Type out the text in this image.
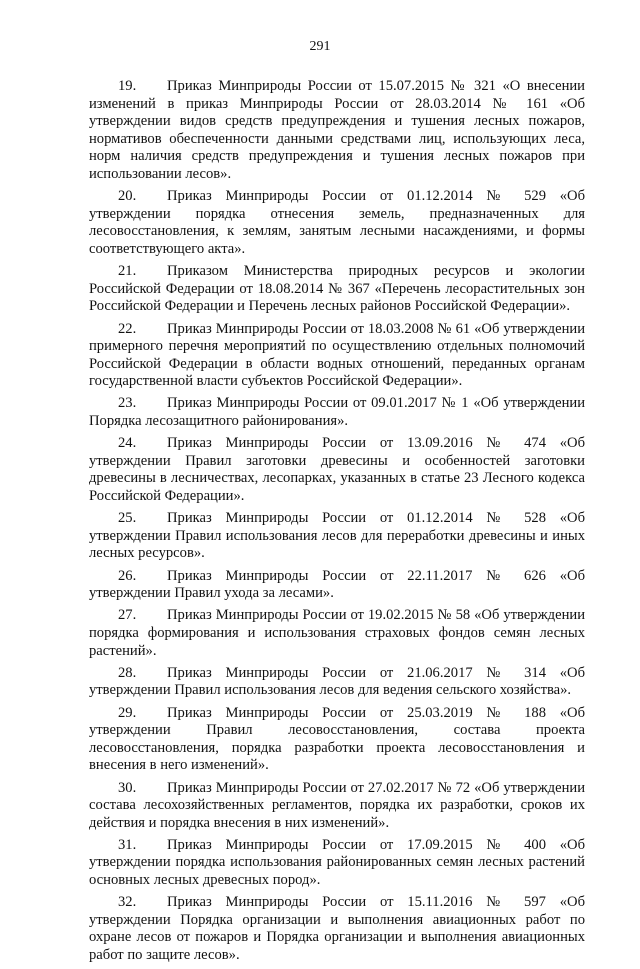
291

19. Приказ Минприроды России от 15.07.2015 № 321 «О внесении изменений в приказ Минприроды России от 28.03.2014 № 161 «Об утверждении видов средств предупреждения и тушения лесных пожаров, нормативов обеспеченности данными средствами лиц, использующих леса, норм наличия средств предупреждения и тушения лесных пожаров при использовании лесов».

20. Приказ Минприроды России от 01.12.2014 № 529 «Об утверждении порядка отнесения земель, предназначенных для лесовосстановления, к землям, занятым лесными насаждениями, и формы соответствующего акта».

21. Приказом Министерства природных ресурсов и экологии Российской Федерации от 18.08.2014 № 367 «Перечень лесорастительных зон Российской Федерации и Перечень лесных районов Российской Федерации».

22. Приказ Минприроды России от 18.03.2008 № 61 «Об утверждении примерного перечня мероприятий по осуществлению отдельных полномочий Российской Федерации в области водных отношений, переданных органам государственной власти субъектов Российской Федерации».

23. Приказ Минприроды России от 09.01.2017 № 1 «Об утверждении Порядка лесозащитного районирования».

24. Приказ Минприроды России от 13.09.2016 № 474 «Об утверждении Правил заготовки древесины и особенностей заготовки древесины в лесничествах, лесопарках, указанных в статье 23 Лесного кодекса Российской Федерации».

25. Приказ Минприроды России от 01.12.2014 № 528 «Об утверждении Правил использования лесов для переработки древесины и иных лесных ресурсов».

26. Приказ Минприроды России от 22.11.2017 № 626 «Об утверждении Правил ухода за лесами».

27. Приказ Минприроды России от 19.02.2015 № 58 «Об утверждении порядка формирования и использования страховых фондов семян лесных растений».

28. Приказ Минприроды России от 21.06.2017 № 314 «Об утверждении Правил использования лесов для ведения сельского хозяйства».

29. Приказ Минприроды России от 25.03.2019 № 188 «Об утверждении Правил лесовосстановления, состава проекта лесовосстановления, порядка разработки проекта лесовосстановления и внесения в него изменений».

30. Приказ Минприроды России от 27.02.2017 № 72 «Об утверждении состава лесохозяйственных регламентов, порядка их разработки, сроков их действия и порядка внесения в них изменений».

31. Приказ Минприроды России от 17.09.2015 № 400 «Об утверждении порядка использования районированных семян лесных растений основных лесных древесных пород».

32. Приказ Минприроды России от 15.11.2016 № 597 «Об утверждении Порядка организации и выполнения авиационных работ по охране лесов от пожаров и Порядка организации и выполнения авиационных работ по защите лесов».
